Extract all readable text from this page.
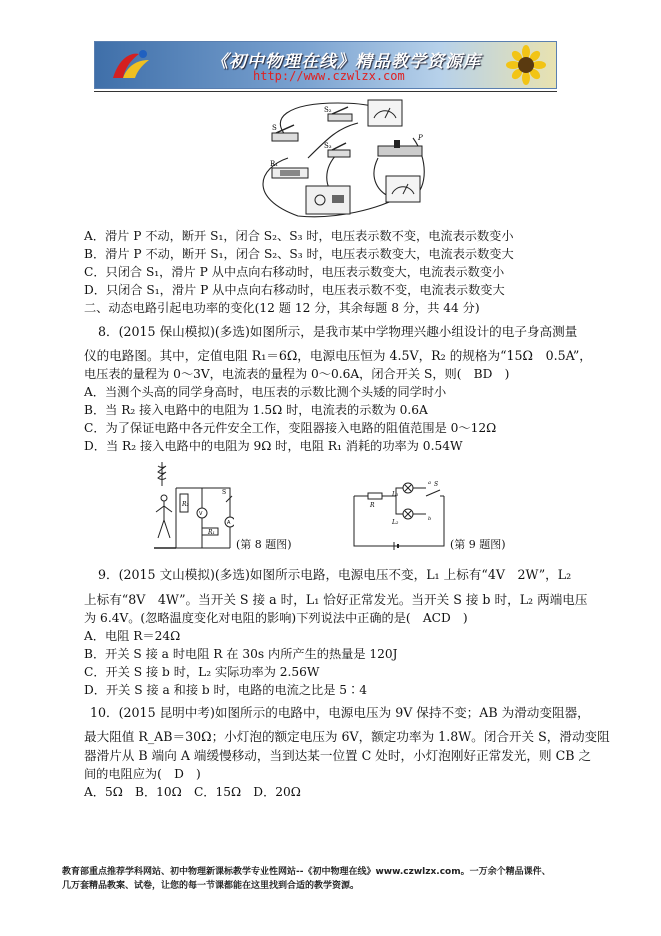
《初中物理在线》精品教学资源库
http://www.czwlzx.com
S
S₂
S₃
R₁
P
A．滑片 P 不动，断开 S₁，闭合 S₂、S₃ 时，电压表示数不变，电流表示数变小
B．滑片 P 不动，断开 S₁，闭合 S₂、S₃ 时，电压表示数变大，电流表示数变大
C．只闭合 S₁，滑片 P 从中点向右移动时，电压表示数变大，电流表示数变小
D．只闭合 S₁，滑片 P 从中点向右移动时，电压表示数不变，电流表示数变大
二、动态电路引起电功率的变化(12 题 12 分，其余每题 8 分，共 44 分)
8．(2015 保山模拟)(多选)如图所示，是我市某中学物理兴趣小组设计的电子身高测量
仪的电路图。其中，定值电阻 R₁＝6Ω，电源电压恒为 4.5V，R₂ 的规格为“15Ω　0.5A”，
电压表的量程为 0～3V，电流表的量程为 0～0.6A，闭合开关 S，则(　BD　)
A．当测个头高的同学身高时，电压表的示数比测个头矮的同学时小
B．当 R₂ 接入电路中的电阻为 1.5Ω 时，电流表的示数为 0.6A
C．为了保证电路中各元件安全工作，变阻器接入电路的阻值范围是 0～12Ω
D．当 R₂ 接入电路中的电阻为 9Ω 时，电阻 R₁ 消耗的功率为 0.54W
V
A
R₂
R₁
S
(第 8 题图)
L₁
L₂
R
S
a
b
(第 9 题图)
9．(2015 文山模拟)(多选)如图所示电路，电源电压不变，L₁ 上标有“4V　2W”，L₂
上标有“8V　4W”。当开关 S 接 a 时，L₁ 恰好正常发光。当开关 S 接 b 时，L₂ 两端电压
为 6.4V。(忽略温度变化对电阻的影响)下列说法中正确的是(　ACD　)
A．电阻 R＝24Ω
B．开关 S 接 a 时电阻 R 在 30s 内所产生的热量是 120J
C．开关 S 接 b 时，L₂ 实际功率为 2.56W
D．开关 S 接 a 和接 b 时，电路的电流之比是 5∶4
10．(2015 昆明中考)如图所示的电路中，电源电压为 9V 保持不变；AB 为滑动变阻器，
最大阻值 R_AB＝30Ω；小灯泡的额定电压为 6V，额定功率为 1.8W。闭合开关 S，滑动变阻
器滑片从 B 端向 A 端缓慢移动，当到达某一位置 C 处时，小灯泡刚好正常发光，则 CB 之
间的电阻应为(　D　)
A．5Ω　B．10Ω　C．15Ω　D．20Ω
教育部重点推荐学科网站、初中物理新课标教学专业性网站--《初中物理在线》www.czwlzx.com。一万余个精品课件、
几万套精品教案、试卷，让您的每一节课都能在这里找到合适的教学资源。
